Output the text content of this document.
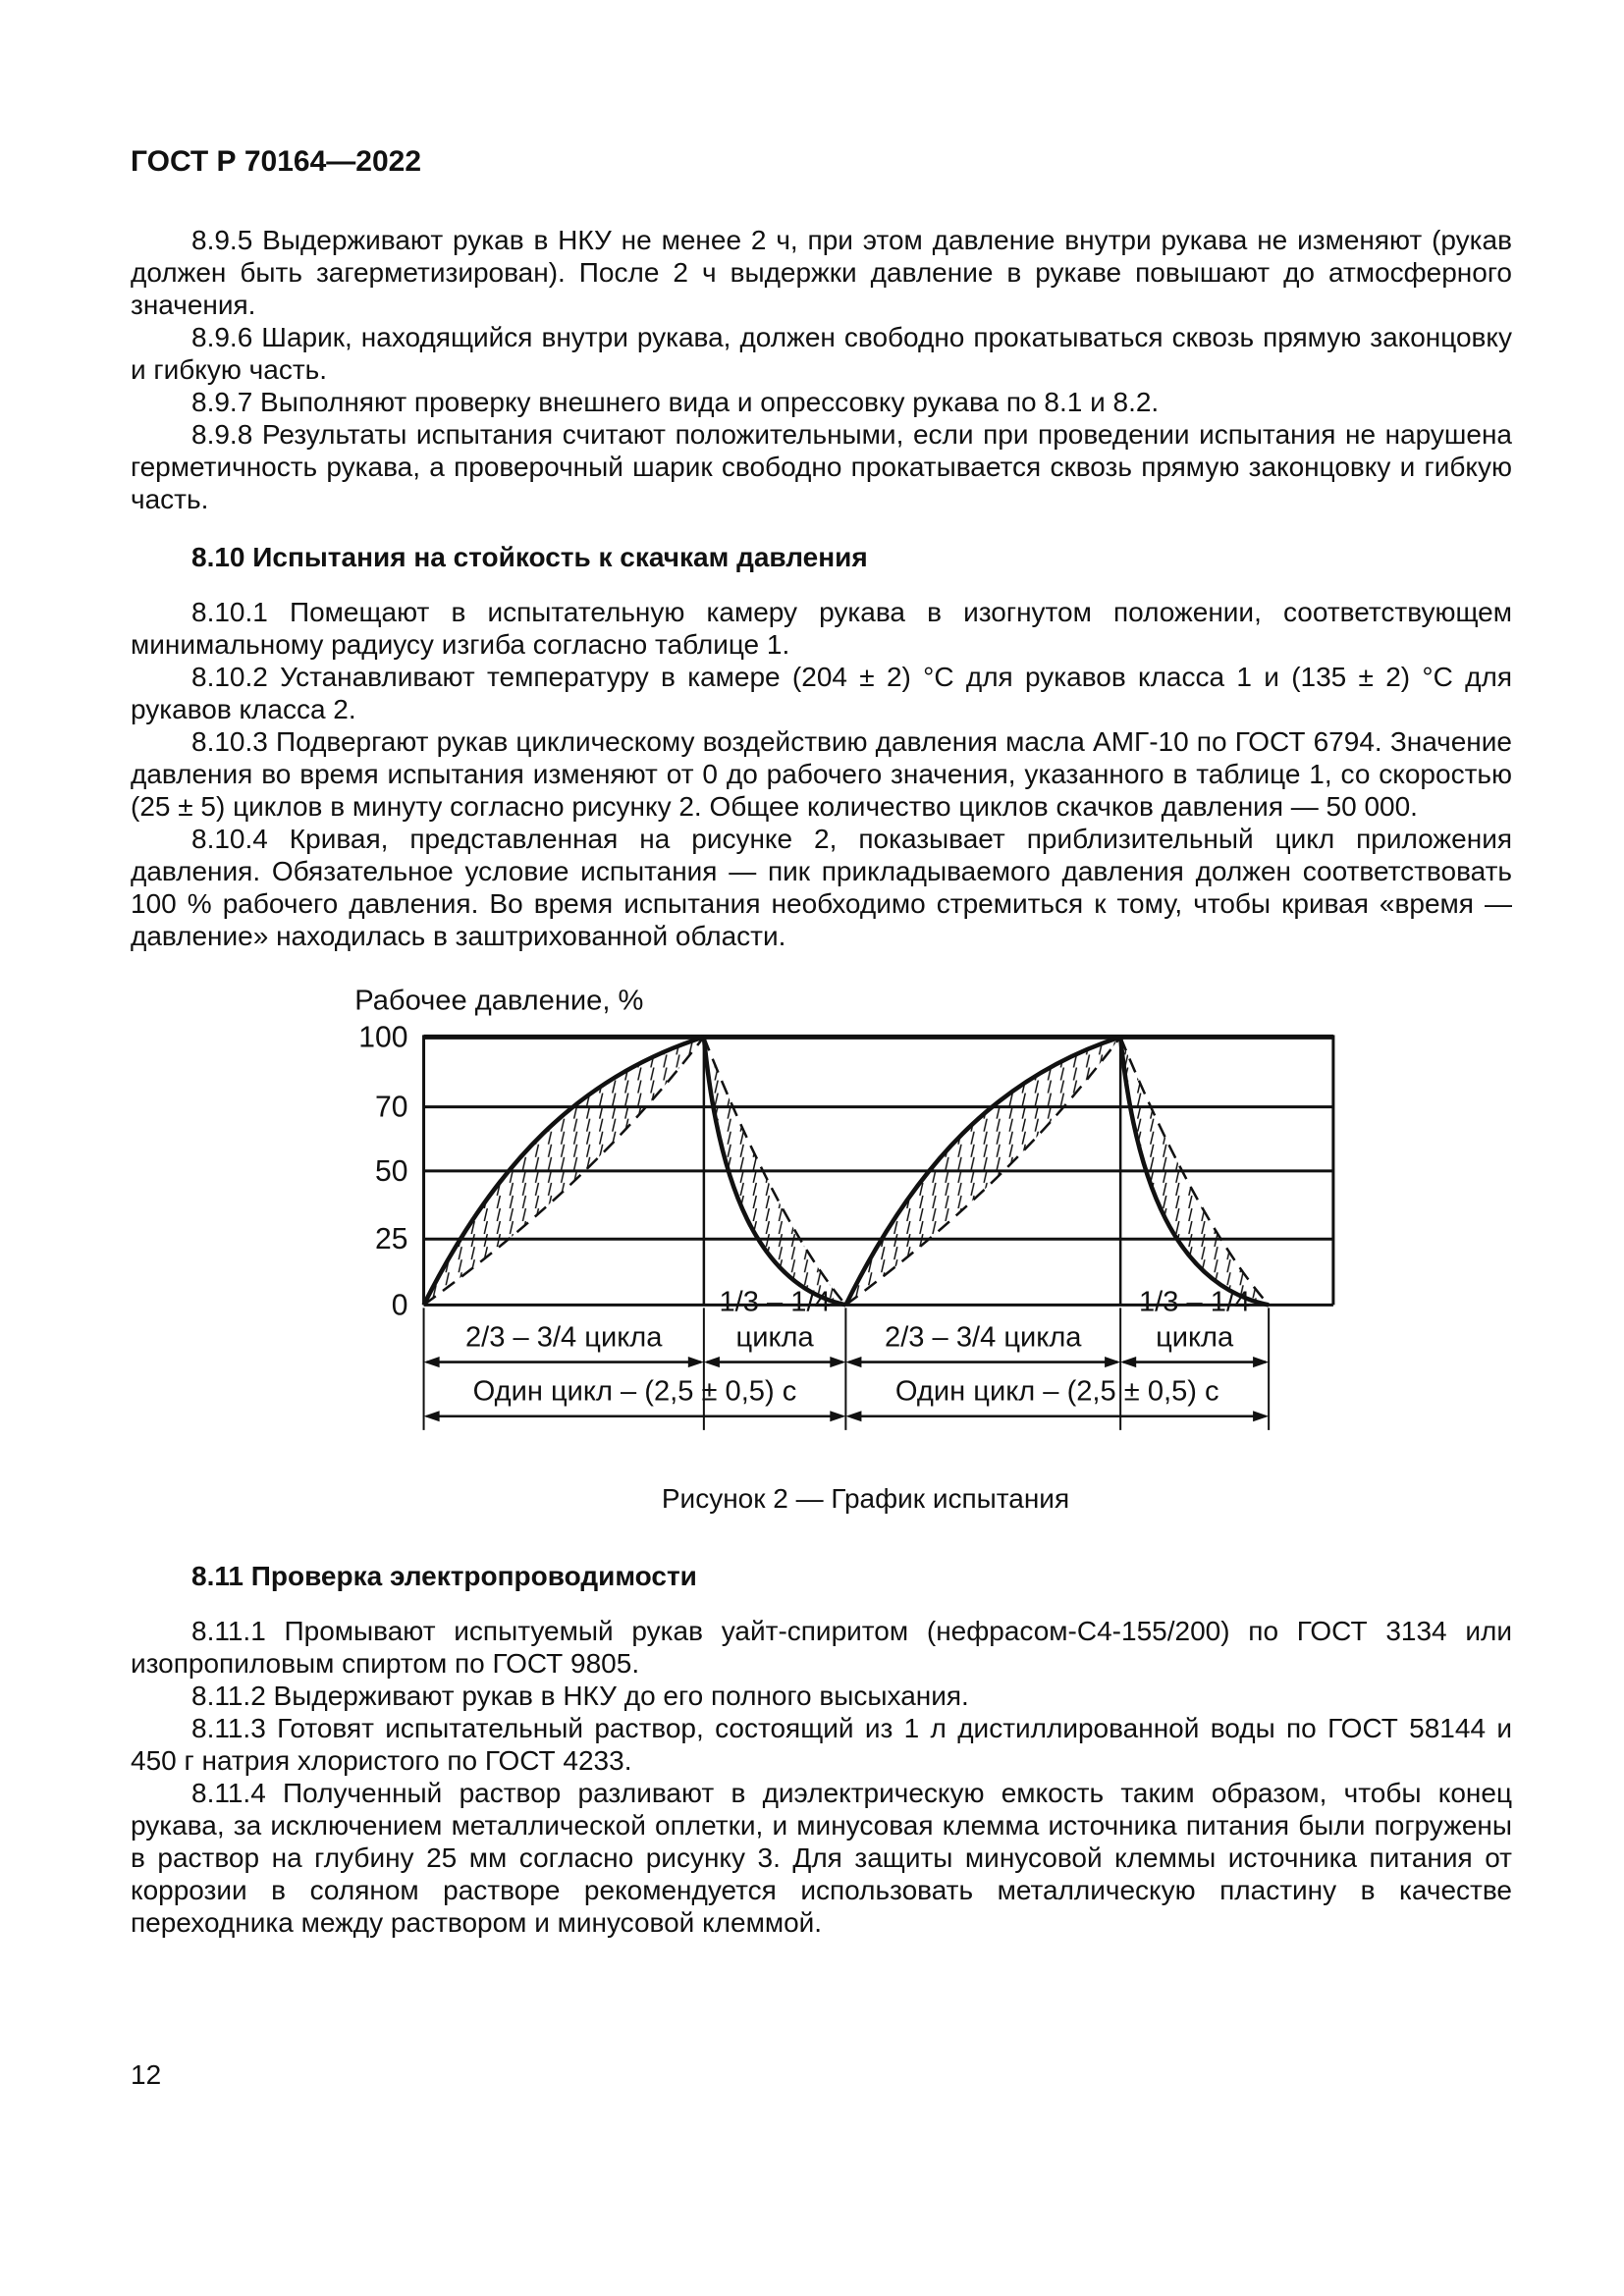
ГОСТ Р 70164—2022

8.9.5 Выдерживают рукав в НКУ не менее 2 ч, при этом давление внутри рукава не изменяют (рукав должен быть загерметизирован). После 2 ч выдержки давление в рукаве повышают до атмосферного значения.

8.9.6 Шарик, находящийся внутри рукава, должен свободно прокатываться сквозь прямую законцовку и гибкую часть.

8.9.7 Выполняют проверку внешнего вида и опрессовку рукава по 8.1 и 8.2.

8.9.8 Результаты испытания считают положительными, если при проведении испытания не нарушена герметичность рукава, а проверочный шарик свободно прокатывается сквозь прямую законцовку и гибкую часть.

8.10 Испытания на стойкость к скачкам давления

8.10.1 Помещают в испытательную камеру рукава в изогнутом положении, соответствующем минимальному радиусу изгиба согласно таблице 1.

8.10.2 Устанавливают температуру в камере (204 ± 2) °С для рукавов класса 1 и (135 ± 2) °С для рукавов класса 2.

8.10.3 Подвергают рукав циклическому воздействию давления масла АМГ-10 по ГОСТ 6794. Значение давления во время испытания изменяют от 0 до рабочего значения, указанного в таблице 1, со скоростью (25 ± 5) циклов в минуту согласно рисунку 2. Общее количество циклов скачков давления — 50 000.

8.10.4 Кривая, представленная на рисунке 2, показывает приблизительный цикл приложения давления. Обязательное условие испытания — пик прикладываемого давления должен соответствовать 100 % рабочего давления. Во время испытания необходимо стремиться к тому, чтобы кривая «время — давление» находилась в заштрихованной области.

Рабочее давление, %
100
70
50
25
0
2/3 – 3/4 цикла
1/3 – 1/4
цикла
Один цикл – (2,5 ± 0,5) с
2/3 – 3/4 цикла
1/3 – 1/4
цикла
Один цикл – (2,5 ± 0,5) с

Рисунок 2 — График испытания

8.11 Проверка электропроводимости

8.11.1 Промывают испытуемый рукав уайт-спиритом (нефрасом-С4-155/200) по ГОСТ 3134 или изопропиловым спиртом по ГОСТ 9805.

8.11.2 Выдерживают рукав в НКУ до его полного высыхания.

8.11.3 Готовят испытательный раствор, состоящий из 1 л дистиллированной воды по ГОСТ 58144 и 450 г натрия хлористого по ГОСТ 4233.

8.11.4 Полученный раствор разливают в диэлектрическую емкость таким образом, чтобы конец рукава, за исключением металлической оплетки, и минусовая клемма источника питания были погружены в раствор на глубину 25 мм согласно рисунку 3. Для защиты минусовой клеммы источника питания от коррозии в соляном растворе рекомендуется использовать металлическую пластину в качестве переходника между раствором и минусовой клеммой.

12
